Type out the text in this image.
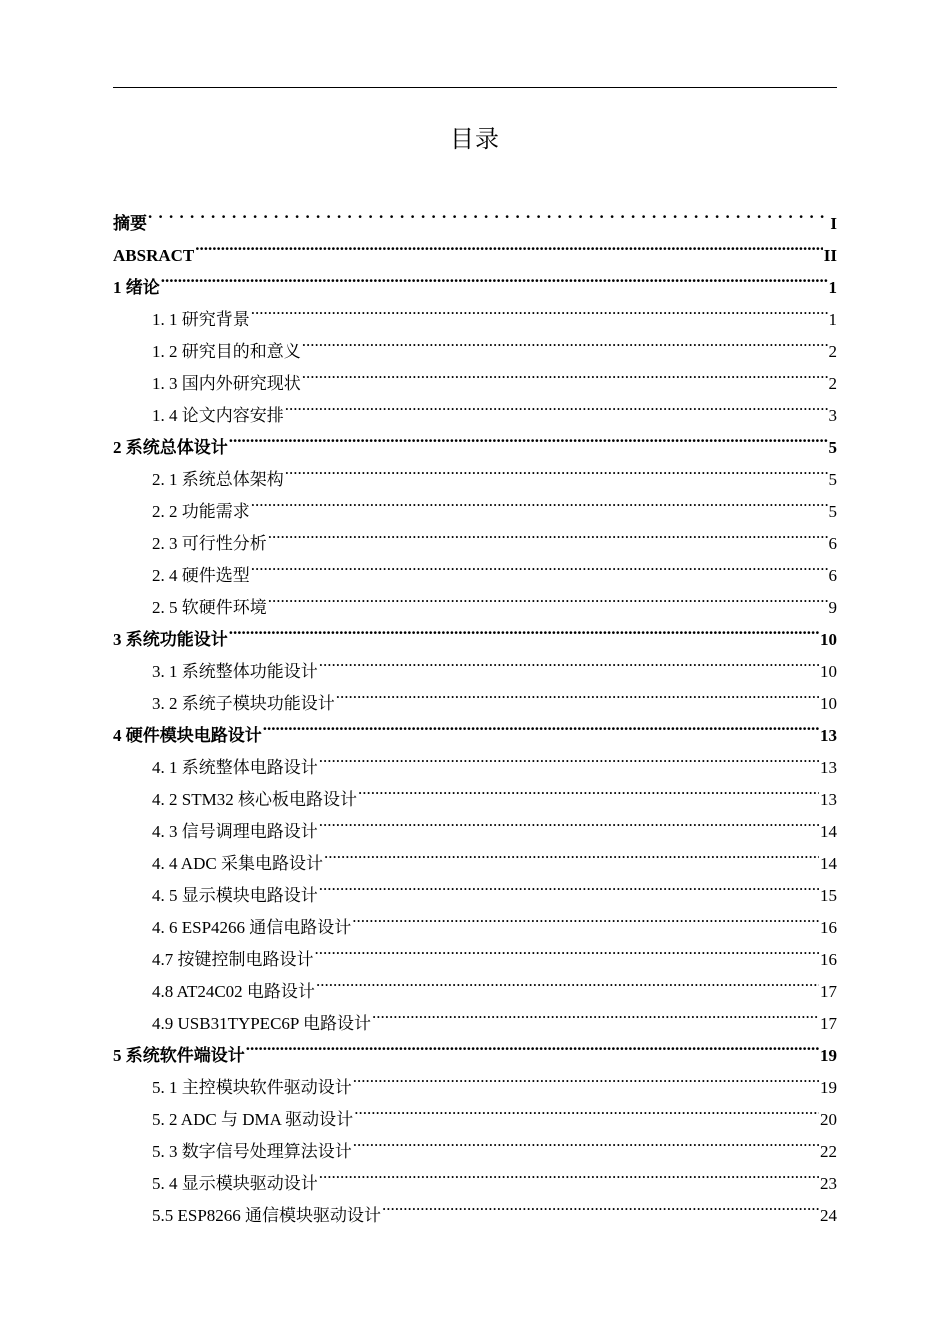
目录
摘要 . . .	I
ABSRACT .....	II
1 绪论 .....	1
1. 1 研究背景 .....	1
1. 2 研究目的和意义 .....	2
1. 3 国内外研究现状 .....	2
1. 4 论文内容安排 .....	3
2 系统总体设计 .....	5
2. 1 系统总体架构 .....	5
2. 2 功能需求 .....	5
2. 3 可行性分析 .....	6
2. 4 硬件选型 .....	6
2. 5 软硬件环境 .....	9
3 系统功能设计 .....	10
3. 1 系统整体功能设计 .....	10
3. 2 系统子模块功能设计 .....	10
4 硬件模块电路设计 .....	13
4. 1 系统整体电路设计 .....	13
4. 2 STM32 核心板电路设计 .....	13
4. 3 信号调理电路设计 .....	14
4. 4 ADC 采集电路设计 .....	14
4. 5 显示模块电路设计 .....	15
4. 6 ESP4266 通信电路设计 .....	16
4.7 按键控制电路设计 .....	16
4.8 AT24C02 电路设计 .....	17
4.9 USB31TYPEC6P 电路设计 .....	17
5 系统软件端设计 .....	19
5. 1 主控模块软件驱动设计 .....	19
5. 2 ADC 与 DMA 驱动设计 .....	20
5. 3 数字信号处理算法设计 .....	22
5. 4 显示模块驱动设计 .....	23
5.5 ESP8266 通信模块驱动设计 .....	24
